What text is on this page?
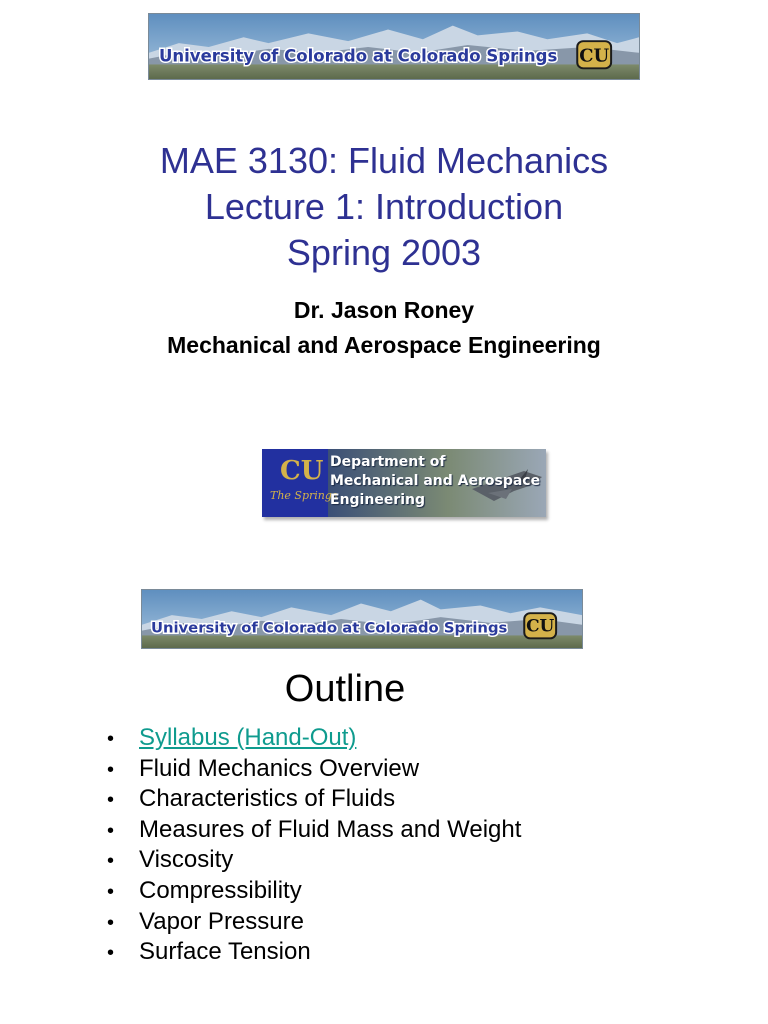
University of Colorado at Colorado Springs CU
MAE 3130: Fluid Mechanics
Lecture 1: Introduction
Spring 2003
Dr. Jason Roney
Mechanical and Aerospace Engineering
CU
The Springs
Department of
Mechanical and Aerospace
Engineering
University of Colorado at Colorado Springs CU
Outline
• Syllabus (Hand-Out)
• Fluid Mechanics Overview
• Characteristics of Fluids
• Measures of Fluid Mass and Weight
• Viscosity
• Compressibility
• Vapor Pressure
• Surface Tension
